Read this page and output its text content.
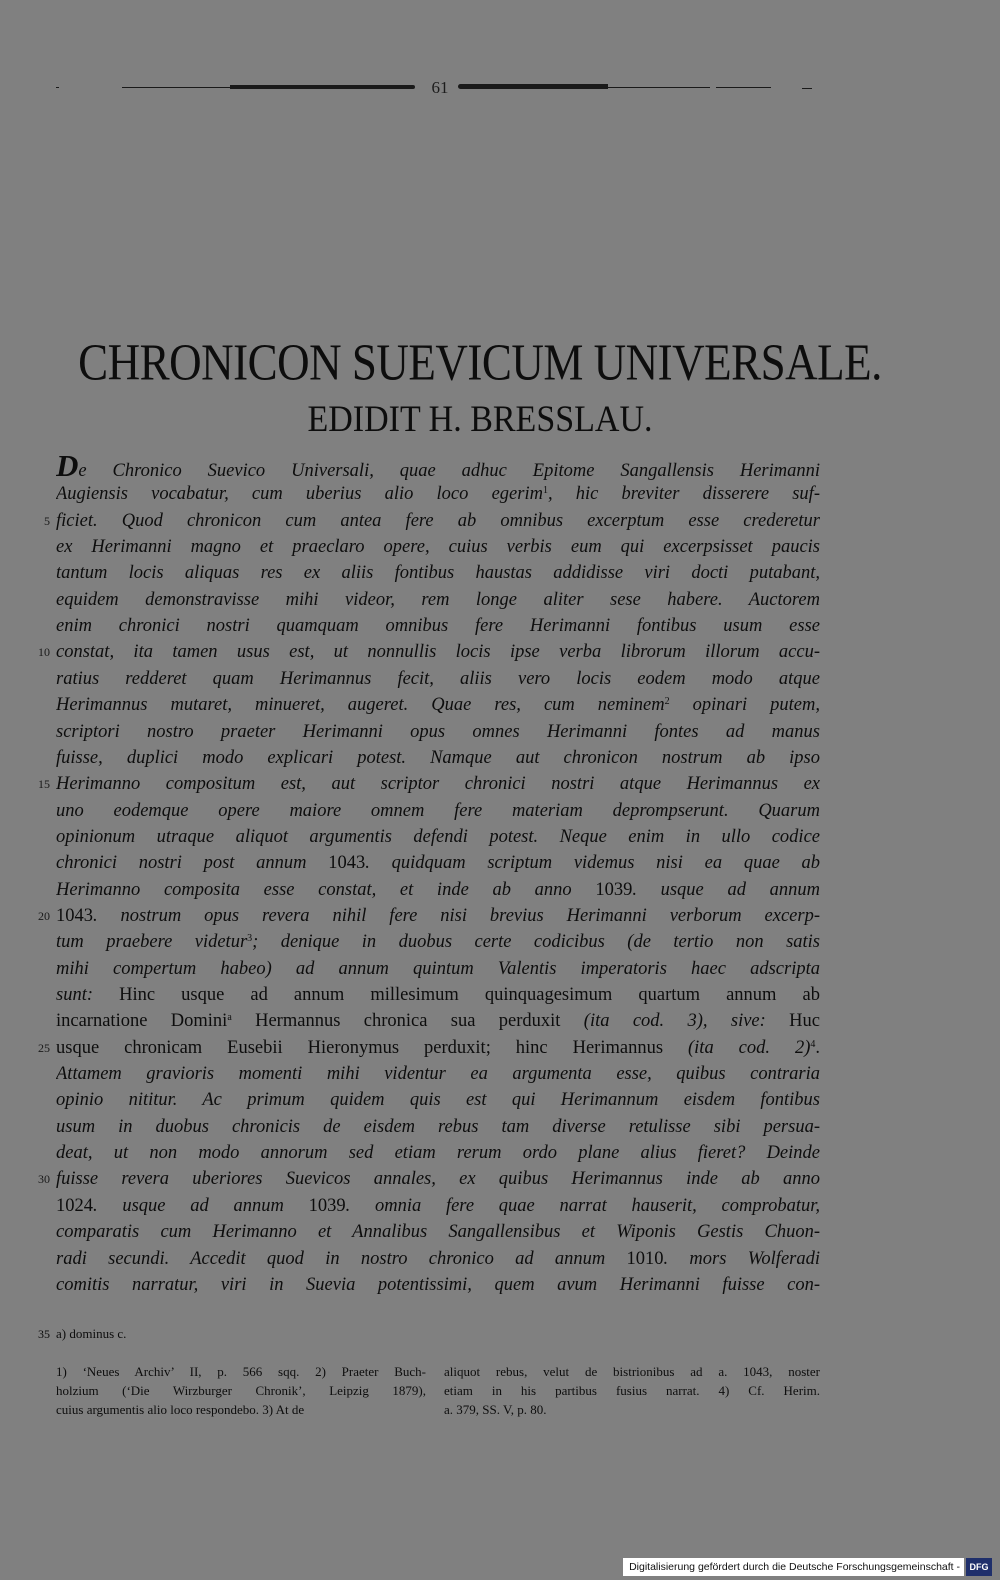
61
CHRONICON SUEVICUM UNIVERSALE.
EDIDIT H. BRESSLAU.
De Chronico Suevico Universali, quae adhuc Epitome Sangallensis Herimanni
Augiensis vocabatur, cum uberius alio loco egerim$^1$, hic breviter disserere suf-
5 ficiet. Quod chronicon cum antea fere ab omnibus excerptum esse crederetur
ex Herimanni magno et praeclaro opere, cuius verbis eum qui excerpsisset paucis
tantum locis aliquas res ex aliis fontibus haustas addidisse viri docti putabant,
equidem demonstravisse mihi videor, rem longe aliter sese habere. Auctorem
enim chronici nostri quamquam omnibus fere Herimanni fontibus usum esse
10 constat, ita tamen usus est, ut nonnullis locis ipse verba librorum illorum accu-
ratius redderet quam Herimannus fecit, aliis vero locis eodem modo atque
Herimannus mutaret, minueret, augeret. Quae res, cum neminem$^2$ opinari putem,
scriptori nostro praeter Herimanni opus omnes Herimanni fontes ad manus
fuisse, duplici modo explicari potest. Namque aut chronicon nostrum ab ipso
15 Herimanno compositum est, aut scriptor chronici nostri atque Herimannus ex
uno eodemque opere maiore omnem fere materiam deprompserunt. Quarum
opinionum utraque aliquot argumentis defendi potest. Neque enim in ullo codice
chronici nostri post annum 1043. quidquam scriptum videmus nisi ea quae ab
Herimanno composita esse constat, et inde ab anno 1039. usque ad annum
20 1043. nostrum opus revera nihil fere nisi brevius Herimanni verborum excerp-
tum praebere videtur$^3$; denique in duobus certe codicibus (de tertio non satis
mihi compertum habeo) ad annum quintum Valentis imperatoris haec adscripta
sunt: Hinc usque ad annum millesimum quinquagesimum quartum annum ab
incarnatione Domini$^a$ Hermannus chronica sua perduxit (ita cod. 3), sive: Huc
25 usque chronicam Eusebii Hieronymus perduxit; hinc Herimannus (ita cod. 2)$^4$.
Attamem gravioris momenti mihi videntur ea argumenta esse, quibus contraria
opinio nititur. Ac primum quidem quis est qui Herimannum eisdem fontibus
usum in duobus chronicis de eisdem rebus tam diverse retulisse sibi persua-
deat, ut non modo annorum sed etiam rerum ordo plane alius fieret? Deinde
30 fuisse revera uberiores Suevicos annales, ex quibus Herimannus inde ab anno
1024. usque ad annum 1039. omnia fere quae narrat hauserit, comprobatur,
comparatis cum Herimanno et Annalibus Sangallensibus et Wiponis Gestis Chuon-
radi secundi. Accedit quod in nostro chronico ad annum 1010. mors Wolferadi
comitis narratur, viri in Suevia potentissimi, quem avum Herimanni fuisse con-
35 a) dominus c.
1) ‘Neues Archiv’ II, p. 566 sqq. 2) Praeter Buch-
holzium (‘Die Wirzburger Chronik’, Leipzig 1879),
cuius argumentis alio loco respondebo. 3) At de
aliquot rebus, velut de bistrionibus ad a. 1043, noster
etiam in his partibus fusius narrat. 4) Cf. Herim.
a. 379, SS. V, p. 80.
Digitalisierung gefördert durch die Deutsche Forschungsgemeinschaft -	DFG
